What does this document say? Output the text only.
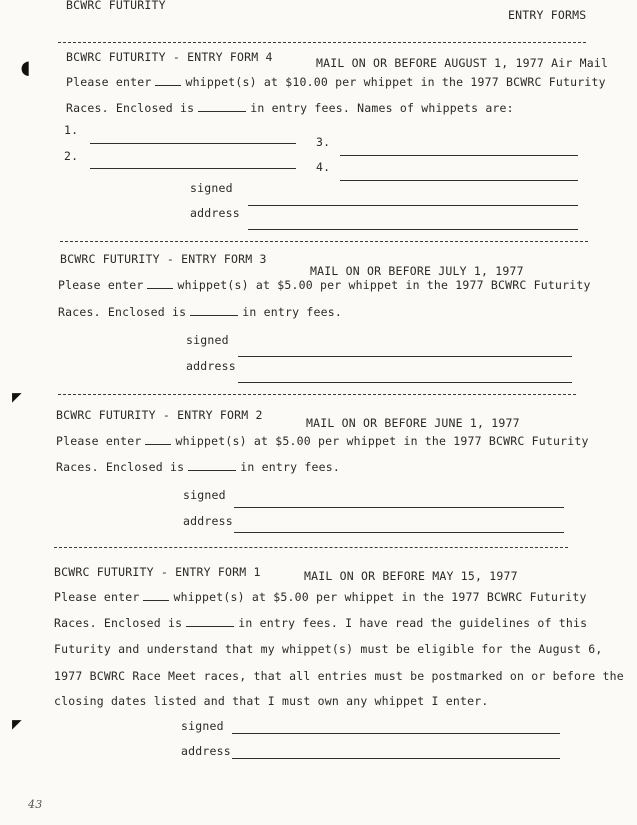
BCWRC FUTURITY
ENTRY FORMS
◖
◤
◤
BCWRC FUTURITY - ENTRY FORM 4	MAIL ON OR BEFORE AUGUST 1, 1977 Air Mail
Please enter	whippet(s) at $10.00 per whippet in the 1977 BCWRC Futurity
Races. Enclosed is	in entry fees. Names of whippets are:
1.
2.
3.
4.
signed
address
BCWRC FUTURITY - ENTRY FORM 3
MAIL ON OR BEFORE JULY 1, 1977
Please enter	whippet(s) at $5.00 per whippet in the 1977 BCWRC Futurity
Races. Enclosed is	in entry fees.
signed
address
BCWRC FUTURITY - ENTRY FORM 2
MAIL ON OR BEFORE JUNE 1, 1977
Please enter	whippet(s) at $5.00 per whippet in the 1977 BCWRC Futurity
Races. Enclosed is	in entry fees.
signed
address
BCWRC FUTURITY - ENTRY FORM 1	MAIL ON OR BEFORE MAY 15, 1977
Please enter	whippet(s) at $5.00 per whippet in the 1977 BCWRC Futurity
Races. Enclosed is	in entry fees. I have read the guidelines of this
Futurity and understand that my whippet(s) must be eligible for the August 6,
1977 BCWRC Race Meet races, that all entries must be postmarked on or before the
closing dates listed and that I must own any whippet I enter.
signed
address
43
